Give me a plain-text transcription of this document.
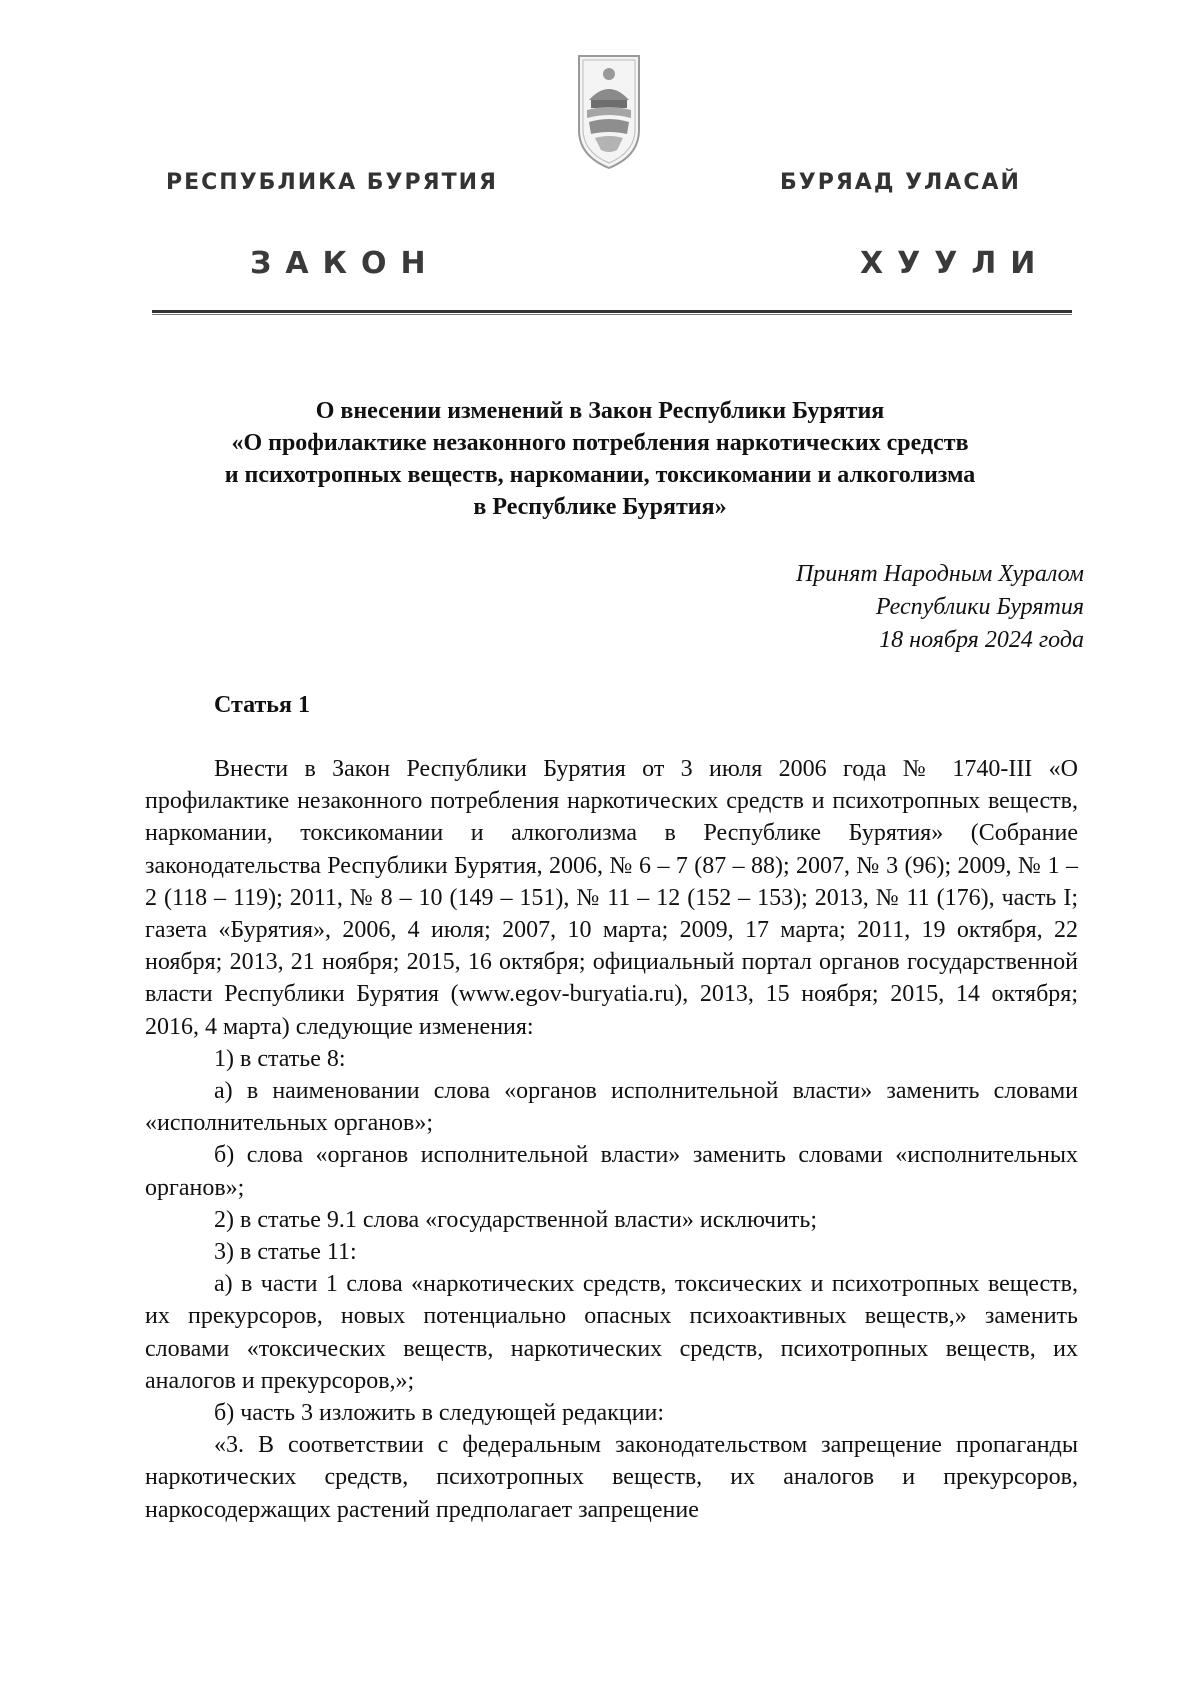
РЕСПУБЛИКА БУРЯТИЯ	БУРЯАД УЛАСАЙ
ЗАКОН	ХУУЛИ
О внесении изменений в Закон Республики Бурятия
«О профилактике незаконного потребления наркотических средств
и психотропных веществ, наркомании, токсикомании и алкоголизма
в Республике Бурятия»
Принят Народным Хуралом
Республики Бурятия
18 ноября 2024 года
Статья 1

Внести в Закон Республики Бурятия от 3 июля 2006 года № 1740-III «О профилактике незаконного потребления наркотических средств и психотропных веществ, наркомании, токсикомании и алкоголизма в Республике Бурятия» (Собрание законодательства Республики Бурятия, 2006, № 6 – 7 (87 – 88); 2007, № 3 (96); 2009, № 1 – 2 (118 – 119); 2011, № 8 – 10 (149 – 151), № 11 – 12 (152 – 153); 2013, № 11 (176), часть I; газета «Бурятия», 2006, 4 июля; 2007, 10 марта; 2009, 17 марта; 2011, 19 октября, 22 ноября; 2013, 21 ноября; 2015, 16 октября; официальный портал органов государственной власти Республики Бурятия (www.egov-buryatia.ru), 2013, 15 ноября; 2015, 14 октября; 2016, 4 марта) следующие изменения:

1) в статье 8:

а) в наименовании слова «органов исполнительной власти» заменить словами «исполнительных органов»;

б) слова «органов исполнительной власти» заменить словами «исполнительных органов»;

2) в статье 9.1 слова «государственной власти» исключить;

3) в статье 11:

а) в части 1 слова «наркотических средств, токсических и психотропных веществ, их прекурсоров, новых потенциально опасных психоактивных веществ,» заменить словами «токсических веществ, наркотических средств, психотропных веществ, их аналогов и прекурсоров,»;

б) часть 3 изложить в следующей редакции:

«3. В соответствии с федеральным законодательством запрещение пропаганды наркотических средств, психотропных веществ, их аналогов и прекурсоров, наркосодержащих растений предполагает запрещение
